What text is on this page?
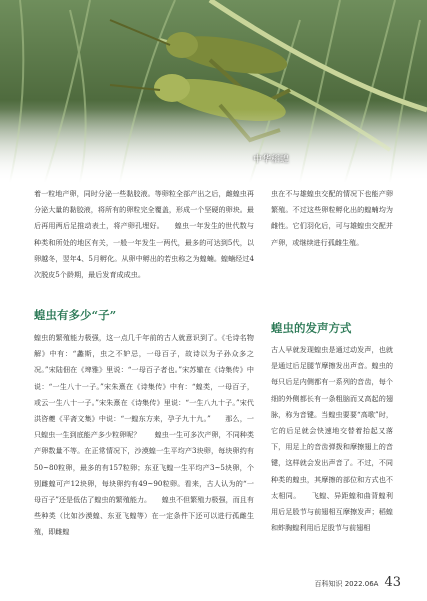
中华稻蝗

着一粒地产卵，同时分泌一些黏胶液。等卵粒全部产出之后，雌蝗虫再分泌大量的黏胶液，将所有的卵粒完全覆盖，形成一个坚硬的卵块。最后再用两后足推动表土，将产卵孔埋好。　　蝗虫一年发生的世代数与种类和所处的地区有关，一般一年发生一两代，最多的可达到5代，以卵越冬，翌年4、5月孵化。从卵中孵出的若虫称之为蝗蝻。蝗蝻经过4次脱皮5个龄期，最后发育成成虫。

蝗虫有多少“子”

蝗虫的繁殖能力极强，这一点几千年前的古人就意识到了。《毛诗名物解》中有：“蠡斯，虫之不妒忌，一母百子，故诗以为子孙众多之况。”宋陆佃在《埤雅》里说：“一母百子者也。”宋苏辙在《诗集传》中说：“一生八十一子。”宋朱熹在《诗集传》中有：“蝗类，一母百子，或云一生八十一子。”宋朱熹在《诗集传》里说：“一生八九十子。”宋代洪咨夔《平斋文集》中说：“一蝗东方来，孕子九十九。”　　那么，一只蝗虫一生到底能产多少粒卵呢？　　蝗虫一生可多次产卵，不同种类产卵数量不等。在正常情况下，沙漠蝗一生平均产3块卵，每块卵约有50~80粒卵，最多的有157粒卵；东亚飞蝗一生平均产3~5块卵，个别雌蝗可产12块卵，每块卵约有49~90粒卵。看来，古人认为的“一母百子”还是低估了蝗虫的繁殖能力。　　蝗虫不但繁殖力极强，而且有些种类（比如沙漠蝗、东亚飞蝗等）在一定条件下还可以进行孤雌生殖，即雌蝗

虫在不与雄蝗虫交配的情况下也能产卵繁殖。不过这些卵粒孵化出的蝗蝻均为雌性。它们羽化后，可与雄蝗虫交配并产卵，或继续进行孤雌生殖。

蝗虫的发声方式

古人早就发现蝗虫是通过动发声，也就是通过后足腿节摩擦发出声音。蝗虫的每只后足内侧都有一系列的音齿，每个细的外侧都长有一条粗脑而又高起的翅脉，称为音键。当蝗虫要要“高歌”时，它的后足就会快速地交替着抬起又落下，用足上的音齿弹拨和摩擦翅上的音键，这样就会发出声音了。不过，不同种类的蝗虫，其摩擦的部位和方式也不太相同。　　飞蝗、异距蝗和曲背蝗利用后足股节与前翅相互摩擦发声；稻蝗和蚱胸蝗利用后足股节与前翅相

百科知识 2022.06A 43
